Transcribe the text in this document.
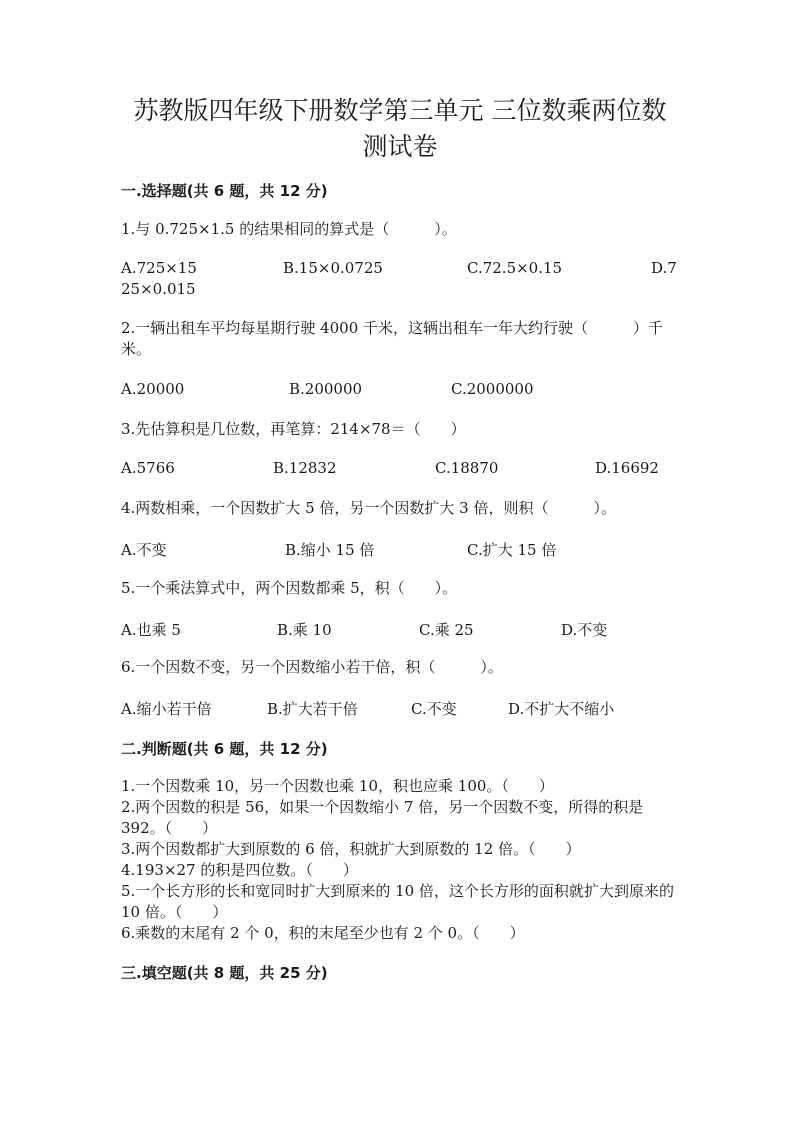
苏教版四年级下册数学第三单元 三位数乘两位数
测试卷
一.选择题(共 6 题，共 12 分)
1.与 0.725×1.5 的结果相同的算式是（　　　）。
A.725×15	B.15×0.0725	C.72.5×0.15	D.7
25×0.015
2.一辆出租车平均每星期行驶 4000 千米，这辆出租车一年大约行驶（　　　）千米。
A.20000	B.200000	C.2000000
3.先估算积是几位数，再笔算：214×78＝（　　）
A.5766	B.12832	C.18870	D.16692
4.两数相乘，一个因数扩大 5 倍，另一个因数扩大 3 倍，则积（　　　）。
A.不变	B.缩小 15 倍	C.扩大 15 倍
5.一个乘法算式中，两个因数都乘 5，积（　　）。
A.也乘 5	B.乘 10	C.乘 25	D.不变
6.一个因数不变，另一个因数缩小若干倍，积（　　　）。
A.缩小若干倍	B.扩大若干倍	C.不变	D.不扩大不缩小
二.判断题(共 6 题，共 12 分)
1.一个因数乘 10，另一个因数也乘 10，积也应乘 100。（　　）
2.两个因数的积是 56，如果一个因数缩小 7 倍，另一个因数不变，所得的积是 392。（　　）
3.两个因数都扩大到原数的 6 倍，积就扩大到原数的 12 倍。（　　）
4.193×27 的积是四位数。（　　）
5.一个长方形的长和宽同时扩大到原来的 10 倍，这个长方形的面积就扩大到原来的 10 倍。（　　）
6.乘数的末尾有 2 个 0，积的末尾至少也有 2 个 0。（　　）
三.填空题(共 8 题，共 25 分)
